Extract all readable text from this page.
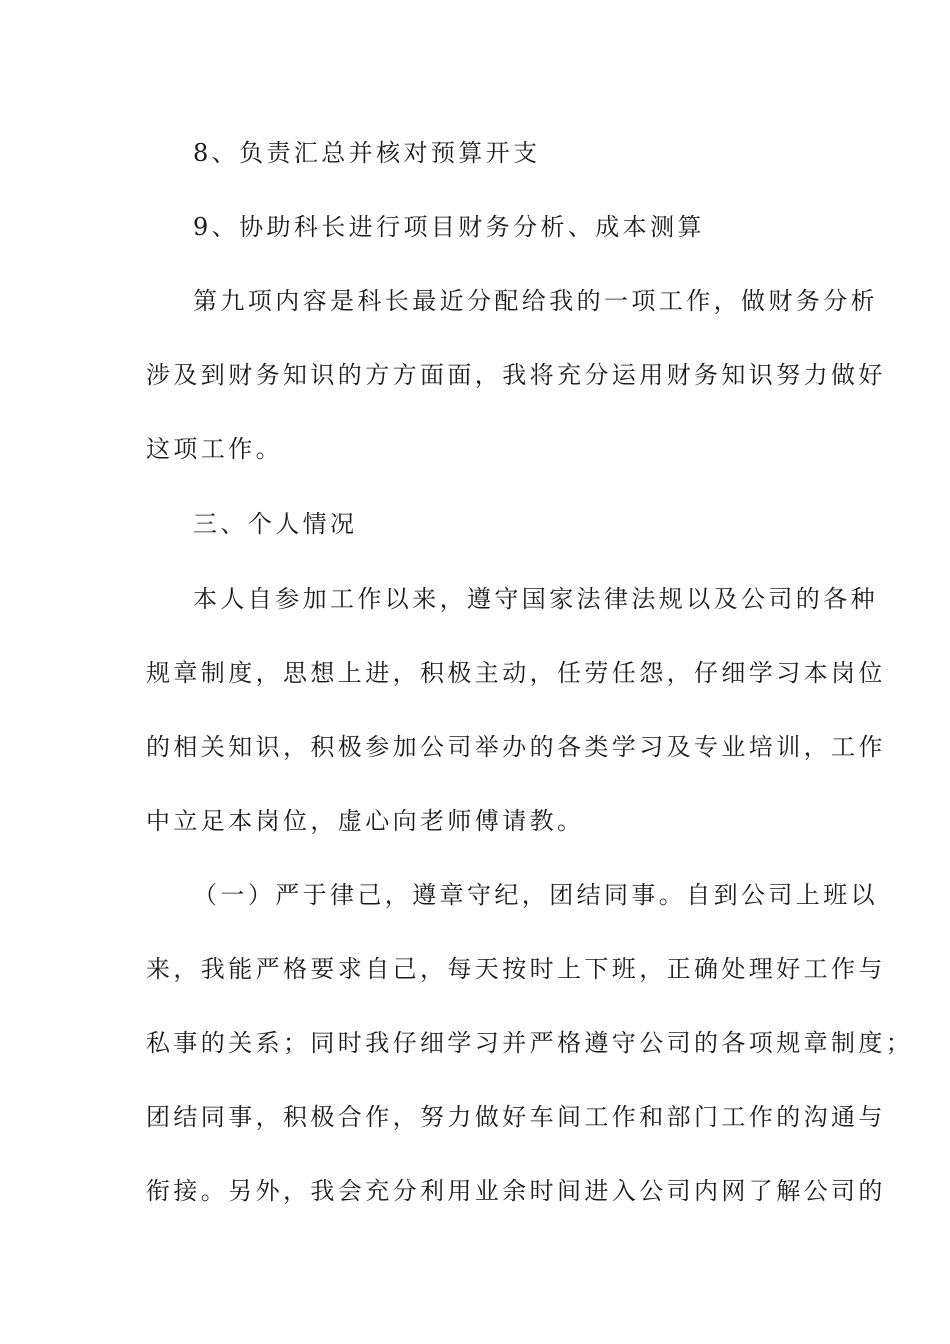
8、负责汇总并核对预算开支
9、协助科长进行项目财务分析、成本测算
第九项内容是科长最近分配给我的一项工作，做财务分析
涉及到财务知识的方方面面，我将充分运用财务知识努力做好
这项工作。
三、个人情况
本人自参加工作以来，遵守国家法律法规以及公司的各种
规章制度，思想上进，积极主动，任劳任怨，仔细学习本岗位
的相关知识，积极参加公司举办的各类学习及专业培训，工作
中立足本岗位，虚心向老师傅请教。
（一）严于律己，遵章守纪，团结同事。自到公司上班以
来，我能严格要求自己，每天按时上下班，正确处理好工作与
私事的关系；同时我仔细学习并严格遵守公司的各项规章制度；
团结同事，积极合作，努力做好车间工作和部门工作的沟通与
衔接。另外，我会充分利用业余时间进入公司内网了解公司的
